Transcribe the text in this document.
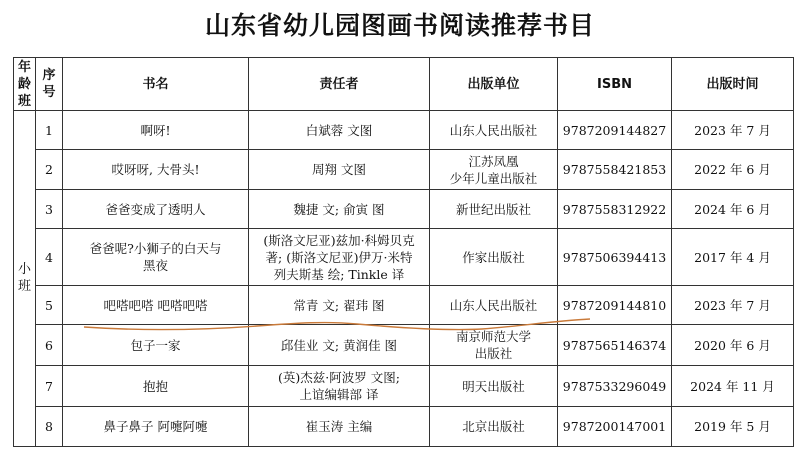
山东省幼儿园图画书阅读推荐书目
年龄班	序号	书名	责任者	出版单位	ISBN	出版时间
小班	1	啊呀!	白斌蓉 文图	山东人民出版社	9787209144827	2023 年 7 月
	2	哎呀呀, 大骨头!	周翔 文图	江苏凤凰
少年儿童出版社	9787558421853	2022 年 6 月
	3	爸爸变成了透明人	魏捷 文; 俞寅 图	新世纪出版社	9787558312922	2024 年 6 月
	4	爸爸呢?小狮子的白天与
黑夜	(斯洛文尼亚)兹加·科姆贝克
著; (斯洛文尼亚)伊万·米特
列夫斯基 绘; Tinkle 译	作家出版社	9787506394413	2017 年 4 月
	5	吧嗒吧嗒 吧嗒吧嗒	常青 文; 翟玮 图	山东人民出版社	9787209144810	2023 年 7 月
	6	包子一家	邱佳业 文; 黄润佳 图	南京师范大学
出版社	9787565146374	2020 年 6 月
	7	抱抱	(英)杰兹·阿波罗 文图;
上谊编辑部 译	明天出版社	9787533296049	2024 年 11 月
	8	鼻子鼻子 阿嚏阿嚏	崔玉涛 主编	北京出版社	9787200147001	2019 年 5 月
